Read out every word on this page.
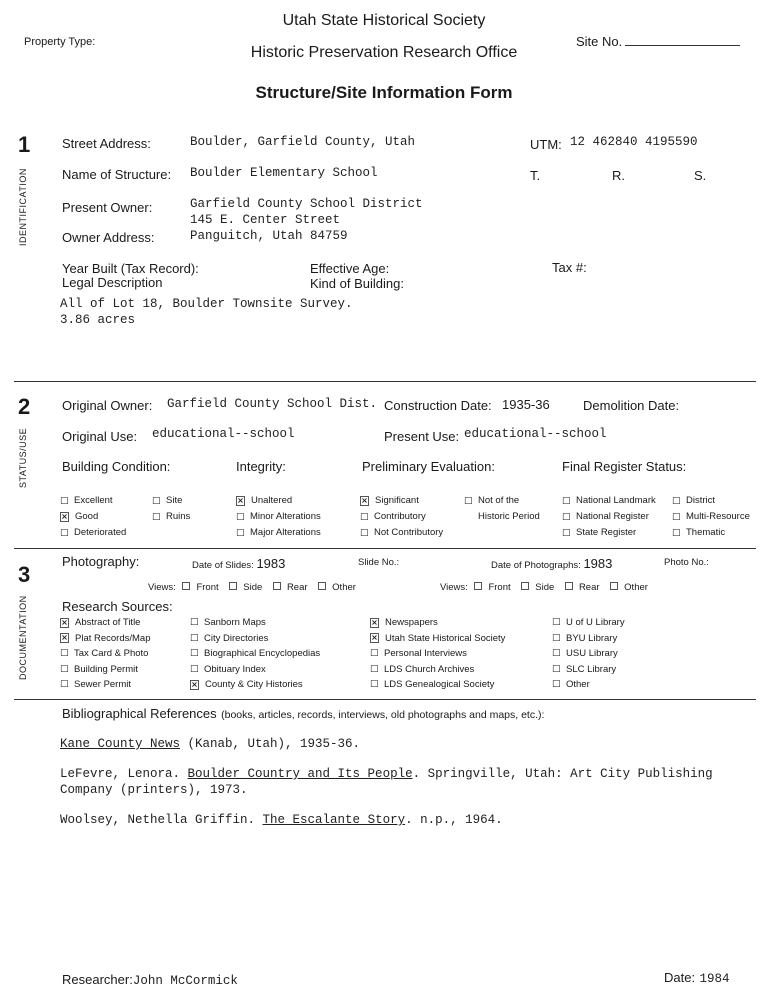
Utah State Historical Society
Historic Preservation Research Office
Structure/Site Information Form
Property Type:	Site No.
1
IDENTIFICATION
Street Address:	Boulder, Garfield County, Utah	UTM: 12 462840 4195590
Name of Structure: Boulder Elementary School	T.	R.	S.
Present Owner:	Garfield County School District
145 E. Center Street
Owner Address:	Panguitch, Utah 84759
Year Built (Tax Record):	Effective Age:	Tax #:
Legal Description	Kind of Building:
All of Lot 18, Boulder Townsite Survey.
3.86 acres
2
STATUS/USE
Original Owner: Garfield County School Dist. Construction Date: 1935-36	Demolition Date:
Original Use: educational--school	Present Use: educational--school
Building Condition:	Integrity:	Preliminary Evaluation:	Final Register Status:
□ Excellent
× Good
□ Deteriorated
□ Site
□ Ruins
× Unaltered
□ Minor Alterations
□ Major Alterations
× Significant
□ Contributory
□ Not Contributory
□ Not of the
Historic Period
□ National Landmark
□ National Register
□ State Register
□ District
□ Multi-Resource
□ Thematic
3
DOCUMENTATION
Photography:	Date of Slides: 1983	Slide No.:	Date of Photographs: 1983	Photo No.:
Views: Front	Side	Rear	Other	Views: Front	Side	Rear	Other
Research Sources:
× Abstract of Title
× Plat Records/Map
□ Tax Card & Photo
□ Building Permit
□ Sewer Permit
□ Sanborn Maps
□ City Directories
□ Biographical Encyclopedias
□ Obituary Index
× County & City Histories
× Newspapers
× Utah State Historical Society
□ Personal Interviews
□ LDS Church Archives
□ LDS Genealogical Society
□ U of U Library
□ BYU Library
□ USU Library
□ SLC Library
□ Other
Bibliographical References (books, articles, records, interviews, old photographs and maps, etc.):
Kane County News (Kanab, Utah), 1935-36.
LeFevre, Lenora. Boulder Country and Its People. Springville, Utah: Art City Publishing
Company (printers), 1973.
Woolsey, Nethella Griffin. The Escalante Story. n.p., 1964.
Researcher:John McCormick	Date: 1984
